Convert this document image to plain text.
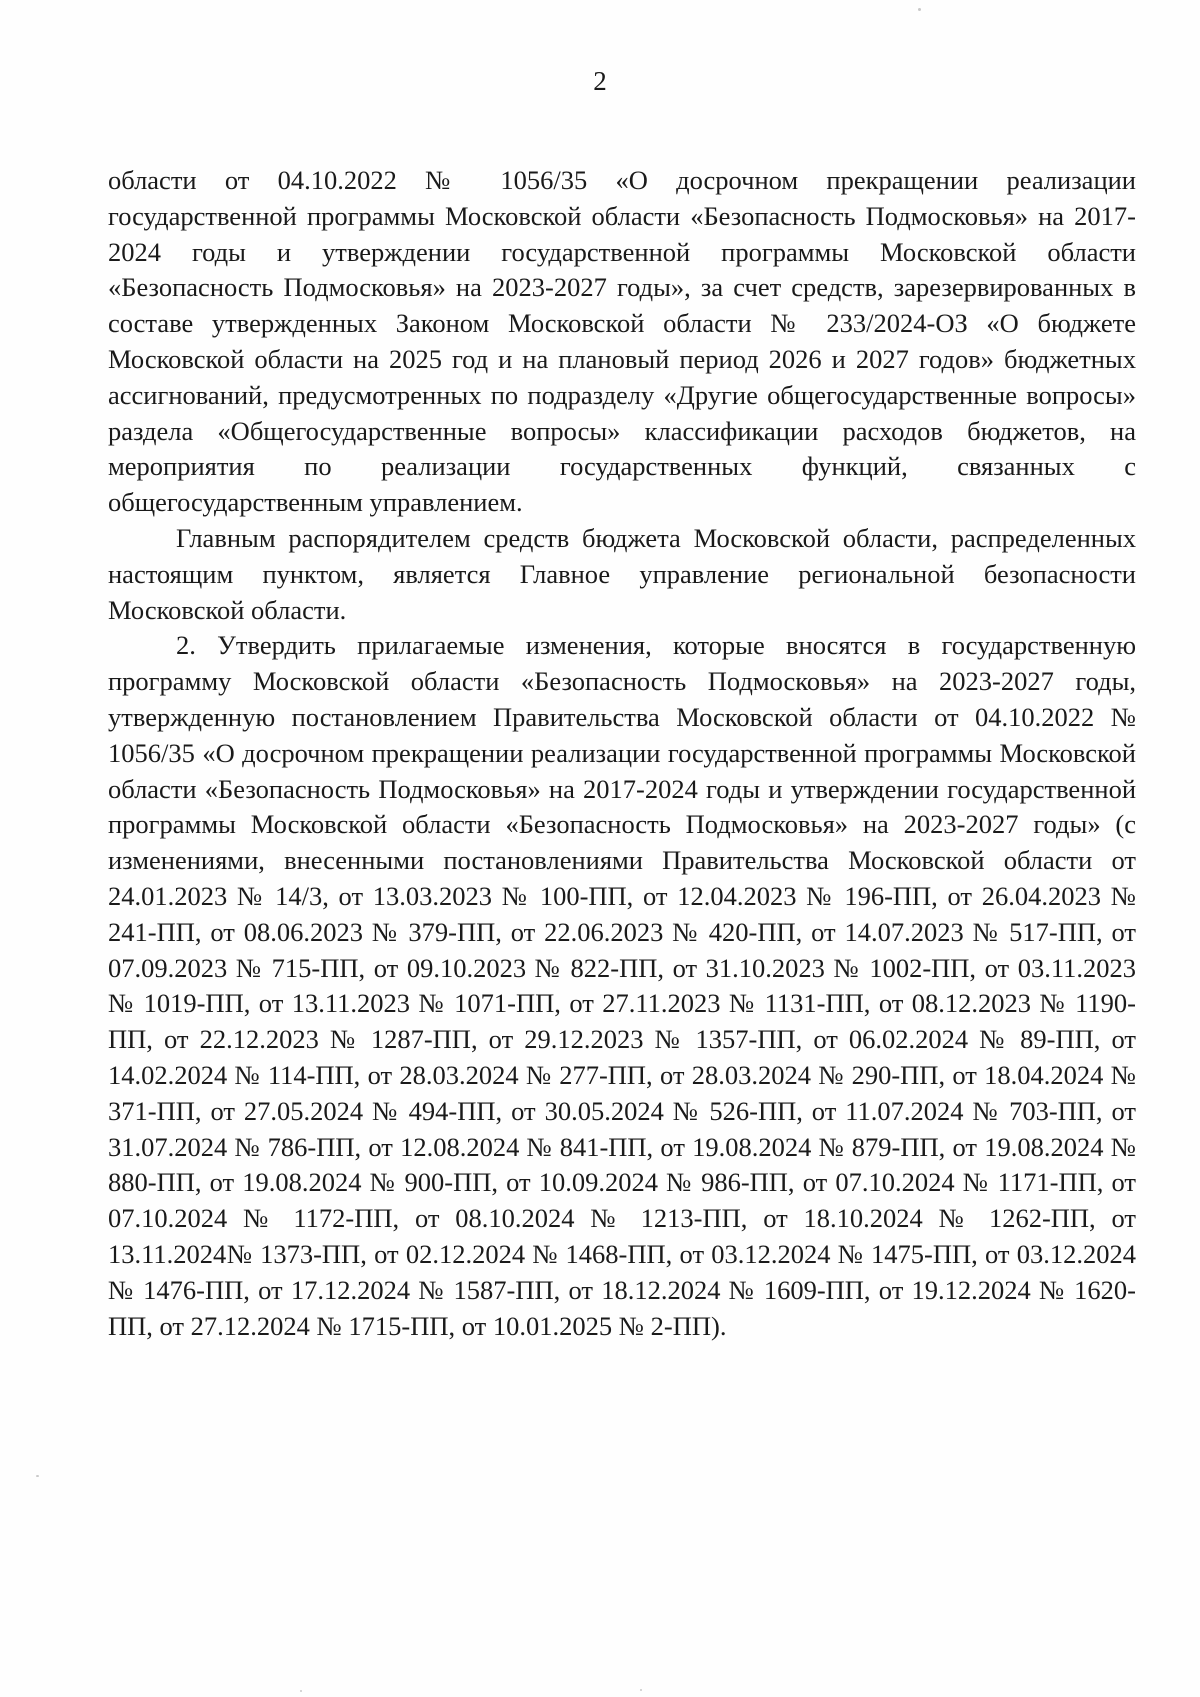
2

области от 04.10.2022 № 1056/35 «О досрочном прекращении реализации государственной программы Московской области «Безопасность Подмосковья» на 2017-2024 годы и утверждении государственной программы Московской области «Безопасность Подмосковья» на 2023-2027 годы», за счет средств, зарезервированных в составе утвержденных Законом Московской области № 233/2024-ОЗ «О бюджете Московской области на 2025 год и на плановый период 2026 и 2027 годов» бюджетных ассигнований, предусмотренных по подразделу «Другие общегосударственные вопросы» раздела «Общегосударственные вопросы» классификации расходов бюджетов, на мероприятия по реализации государственных функций, связанных с общегосударственным управлением.

Главным распорядителем средств бюджета Московской области, распределенных настоящим пунктом, является Главное управление региональной безопасности Московской области.

2. Утвердить прилагаемые изменения, которые вносятся в государственную программу Московской области «Безопасность Подмосковья» на 2023-2027 годы, утвержденную постановлением Правительства Московской области от 04.10.2022 № 1056/35 «О досрочном прекращении реализации государственной программы Московской области «Безопасность Подмосковья» на 2017-2024 годы и утверждении государственной программы Московской области «Безопасность Подмосковья» на 2023-2027 годы» (с изменениями, внесенными постановлениями Правительства Московской области от 24.01.2023 № 14/3, от 13.03.2023 № 100-ПП, от 12.04.2023 № 196-ПП, от 26.04.2023 № 241-ПП, от 08.06.2023 № 379-ПП, от 22.06.2023 № 420-ПП, от 14.07.2023 № 517-ПП, от 07.09.2023 № 715-ПП, от 09.10.2023 № 822-ПП, от 31.10.2023 № 1002-ПП, от 03.11.2023 № 1019-ПП, от 13.11.2023 № 1071-ПП, от 27.11.2023 № 1131-ПП, от 08.12.2023 № 1190-ПП, от 22.12.2023 № 1287-ПП, от 29.12.2023 № 1357-ПП, от 06.02.2024 № 89-ПП, от 14.02.2024 № 114-ПП, от 28.03.2024 № 277-ПП, от 28.03.2024 № 290-ПП, от 18.04.2024 № 371-ПП, от 27.05.2024 № 494-ПП, от 30.05.2024 № 526-ПП, от 11.07.2024 № 703-ПП, от 31.07.2024 № 786-ПП, от 12.08.2024 № 841-ПП, от 19.08.2024 № 879-ПП, от 19.08.2024 № 880-ПП, от 19.08.2024 № 900-ПП, от 10.09.2024 № 986-ПП, от 07.10.2024 № 1171-ПП, от 07.10.2024 № 1172-ПП, от 08.10.2024 № 1213-ПП, от 18.10.2024 № 1262-ПП, от 13.11.2024№ 1373-ПП, от 02.12.2024 № 1468-ПП, от 03.12.2024 № 1475-ПП, от 03.12.2024 № 1476-ПП, от 17.12.2024 № 1587-ПП, от 18.12.2024 № 1609-ПП, от 19.12.2024 № 1620-ПП, от 27.12.2024 № 1715-ПП, от 10.01.2025 № 2-ПП).
